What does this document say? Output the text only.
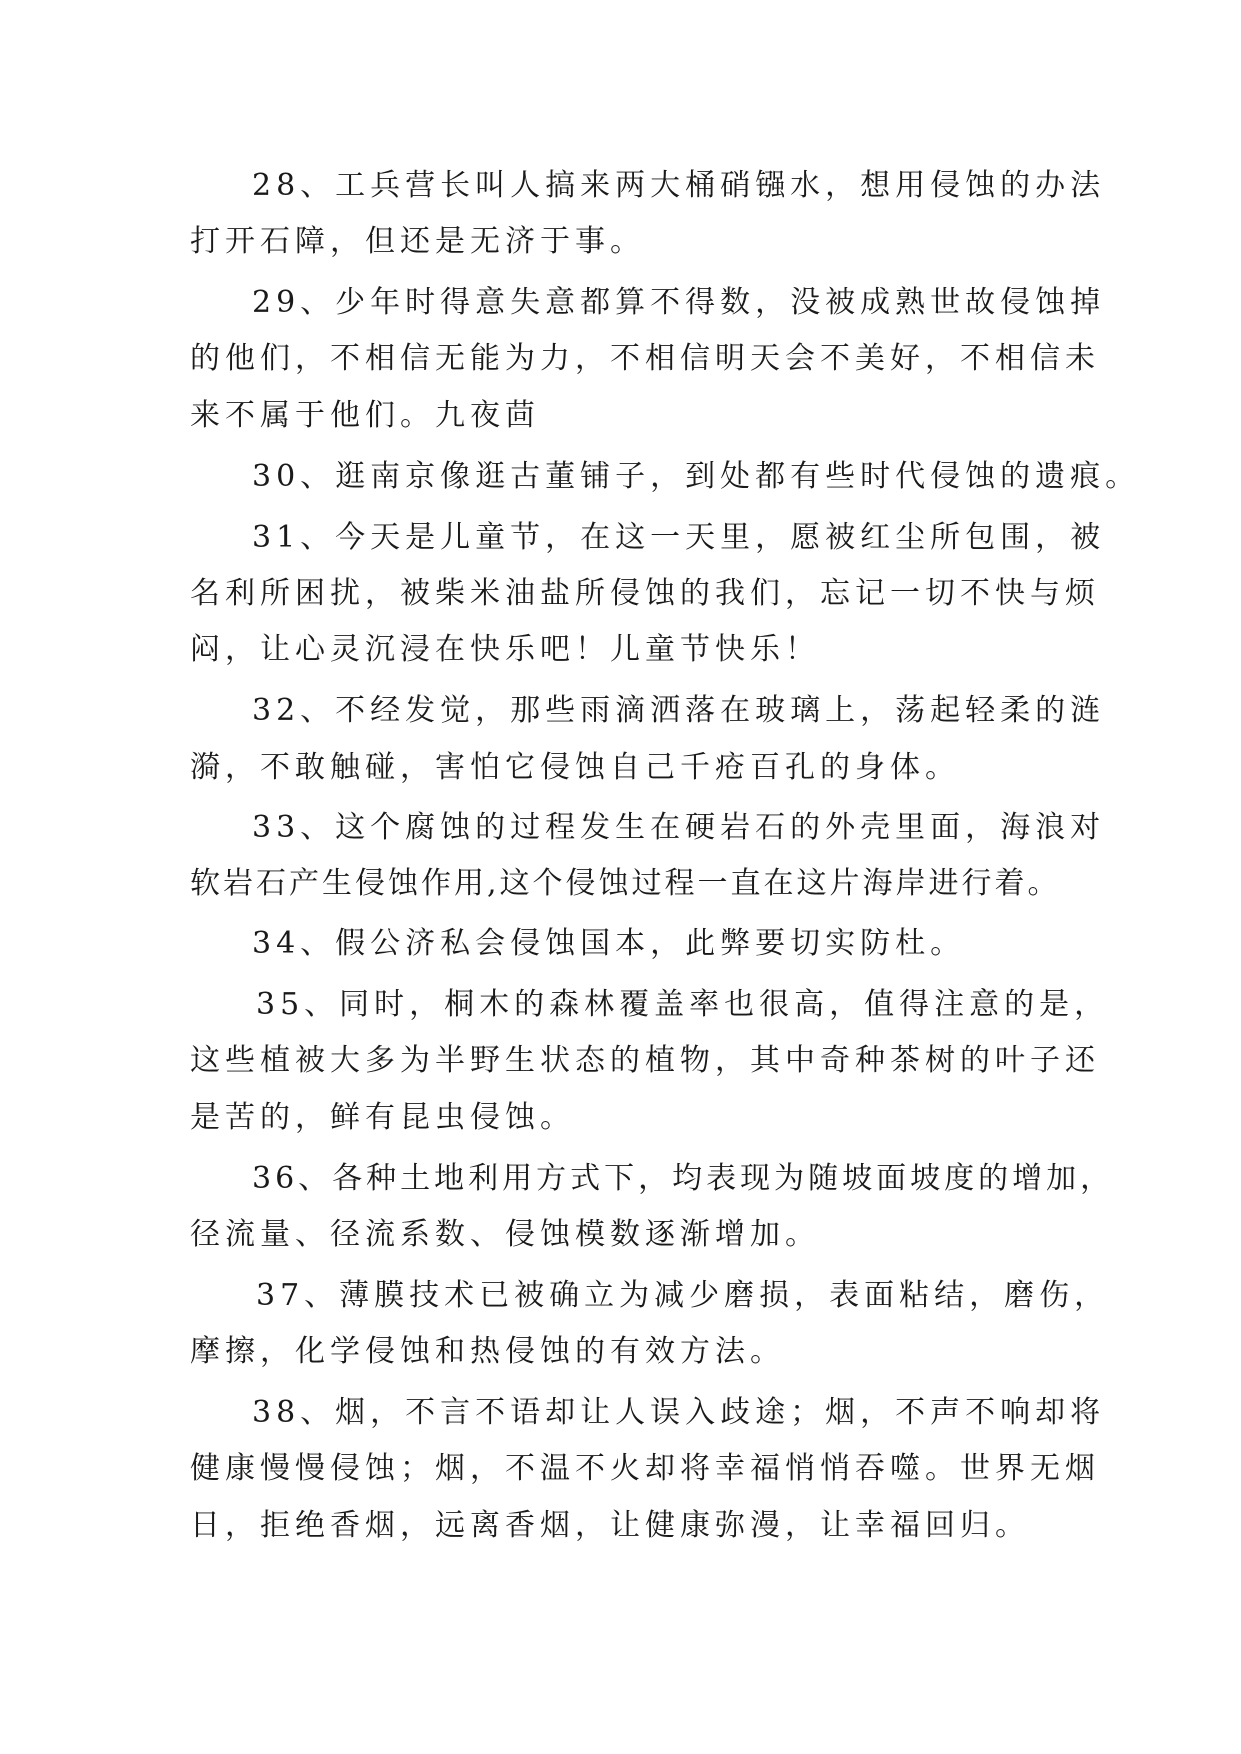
28、工兵营长叫人搞来两大桶硝镪水，想用侵蚀的办法
打开石障，但还是无济于事。
29、少年时得意失意都算不得数，没被成熟世故侵蚀掉
的他们，不相信无能为力，不相信明天会不美好，不相信未
来不属于他们。九夜茴
30、逛南京像逛古董铺子，到处都有些时代侵蚀的遗痕。
31、今天是儿童节，在这一天里，愿被红尘所包围，被
名利所困扰，被柴米油盐所侵蚀的我们，忘记一切不快与烦
闷，让心灵沉浸在快乐吧！儿童节快乐！
32、不经发觉，那些雨滴洒落在玻璃上，荡起轻柔的涟
漪，不敢触碰，害怕它侵蚀自己千疮百孔的身体。
33、这个腐蚀的过程发生在硬岩石的外壳里面，海浪对
软岩石产生侵蚀作用,这个侵蚀过程一直在这片海岸进行着。
34、假公济私会侵蚀国本，此弊要切实防杜。
35、同时，桐木的森林覆盖率也很高，值得注意的是，
这些植被大多为半野生状态的植物，其中奇种茶树的叶子还
是苦的，鲜有昆虫侵蚀。
36、各种土地利用方式下，均表现为随坡面坡度的增加，
径流量、径流系数、侵蚀模数逐渐增加。
37、薄膜技术已被确立为减少磨损，表面粘结，磨伤，
摩擦，化学侵蚀和热侵蚀的有效方法。
38、烟，不言不语却让人误入歧途；烟，不声不响却将
健康慢慢侵蚀；烟，不温不火却将幸福悄悄吞噬。世界无烟
日，拒绝香烟，远离香烟，让健康弥漫，让幸福回归。
